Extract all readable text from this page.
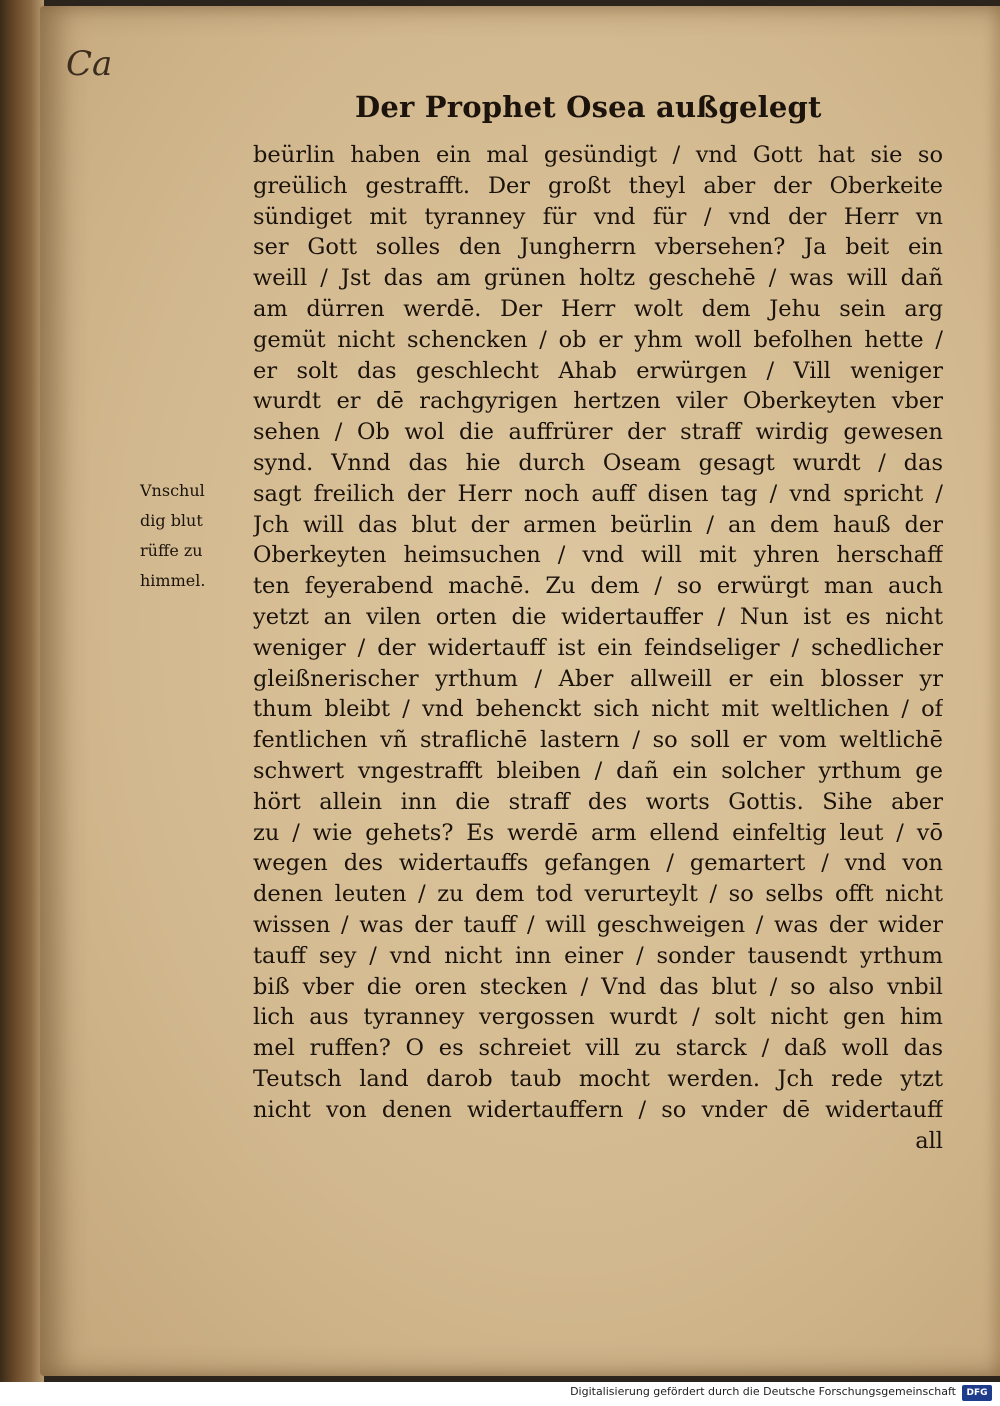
Ca
Der Prophet Osea außgelegt
Vnschul
dig blut
rüffe zu
himmel.
beürlin haben ein mal gesündigt / vnd Gott hat sie so
greülich gestrafft. Der großt theyl aber der Oberkeite
sündiget mit tyranney für vnd für / vnd der Herr vn
ser Gott solles den Jungherrn vbersehen? Ja beit ein
weill / Jst das am grünen holtz geschehē / was will dañ
am dürren werdē. Der Herr wolt dem Jehu sein arg
gemüt nicht schencken / ob er yhm woll befolhen hette /
er solt das geschlecht Ahab erwürgen / Vill weniger
wurdt er dē rachgyrigen hertzen viler Oberkeyten vber
sehen / Ob wol die auffrürer der straff wirdig gewesen
synd. Vnnd das hie durch Oseam gesagt wurdt / das
sagt freilich der Herr noch auff disen tag / vnd spricht /
Jch will das blut der armen beürlin / an dem hauß der
Oberkeyten heimsuchen / vnd will mit yhren herschaff
ten feyerabend machē. Zu dem / so erwürgt man auch
yetzt an vilen orten die widertauffer / Nun ist es nicht
weniger / der widertauff ist ein feindseliger / schedlicher
gleißnerischer yrthum / Aber allweill er ein blosser yr
thum bleibt / vnd behenckt sich nicht mit weltlichen / of
fentlichen vñ straflichē lastern / so soll er vom weltlichē
schwert vngestrafft bleiben / dañ ein solcher yrthum ge
hört allein inn die straff des worts Gottis. Sihe aber
zu / wie gehets? Es werdē arm ellend einfeltig leut / vō
wegen des widertauffs gefangen / gemartert / vnd von
denen leuten / zu dem tod verurteylt / so selbs offt nicht
wissen / was der tauff / will geschweigen / was der wider
tauff sey / vnd nicht inn einer / sonder tausendt yrthum
biß vber die oren stecken / Vnd das blut / so also vnbil
lich aus tyranney vergossen wurdt / solt nicht gen him
mel ruffen? O es schreiet vill zu starck / daß woll das
Teutsch land darob taub mocht werden. Jch rede ytzt
nicht von denen widertauffern / so vnder dē widertauff
all
Digitalisierung gefördert durch die Deutsche Forschungsgemeinschaft	DFG
